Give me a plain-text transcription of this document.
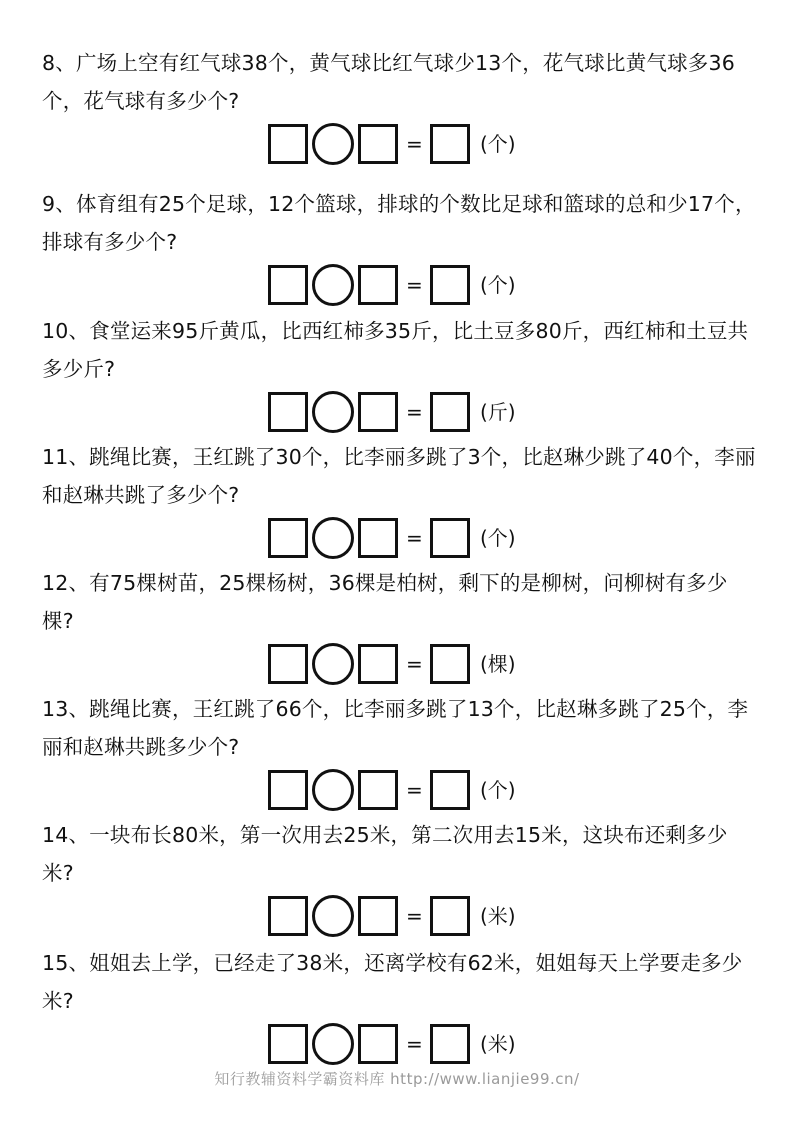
8、广场上空有红气球38个，黄气球比红气球少13个，花气球比黄气球多36个，花气球有多少个?

=	(个)

9、体育组有25个足球，12个篮球，排球的个数比足球和篮球的总和少17个，排球有多少个?

=	(个)

10、食堂运来95斤黄瓜，比西红柿多35斤，比土豆多80斤，西红柿和土豆共多少斤?

=	(斤)

11、跳绳比赛，王红跳了30个，比李丽多跳了3个，比赵琳少跳了40个，李丽和赵琳共跳了多少个?

=	(个)

12、有75棵树苗，25棵杨树，36棵是柏树，剩下的是柳树，问柳树有多少棵?

=	(棵)

13、跳绳比赛，王红跳了66个，比李丽多跳了13个，比赵琳多跳了25个，李丽和赵琳共跳多少个?

=	(个)

14、一块布长80米，第一次用去25米，第二次用去15米，这块布还剩多少米?

=	(米)

15、姐姐去上学，已经走了38米，还离学校有62米，姐姐每天上学要走多少米?

=	(米)
知行教辅资料学霸资料库 http://www.lianjie99.cn/
